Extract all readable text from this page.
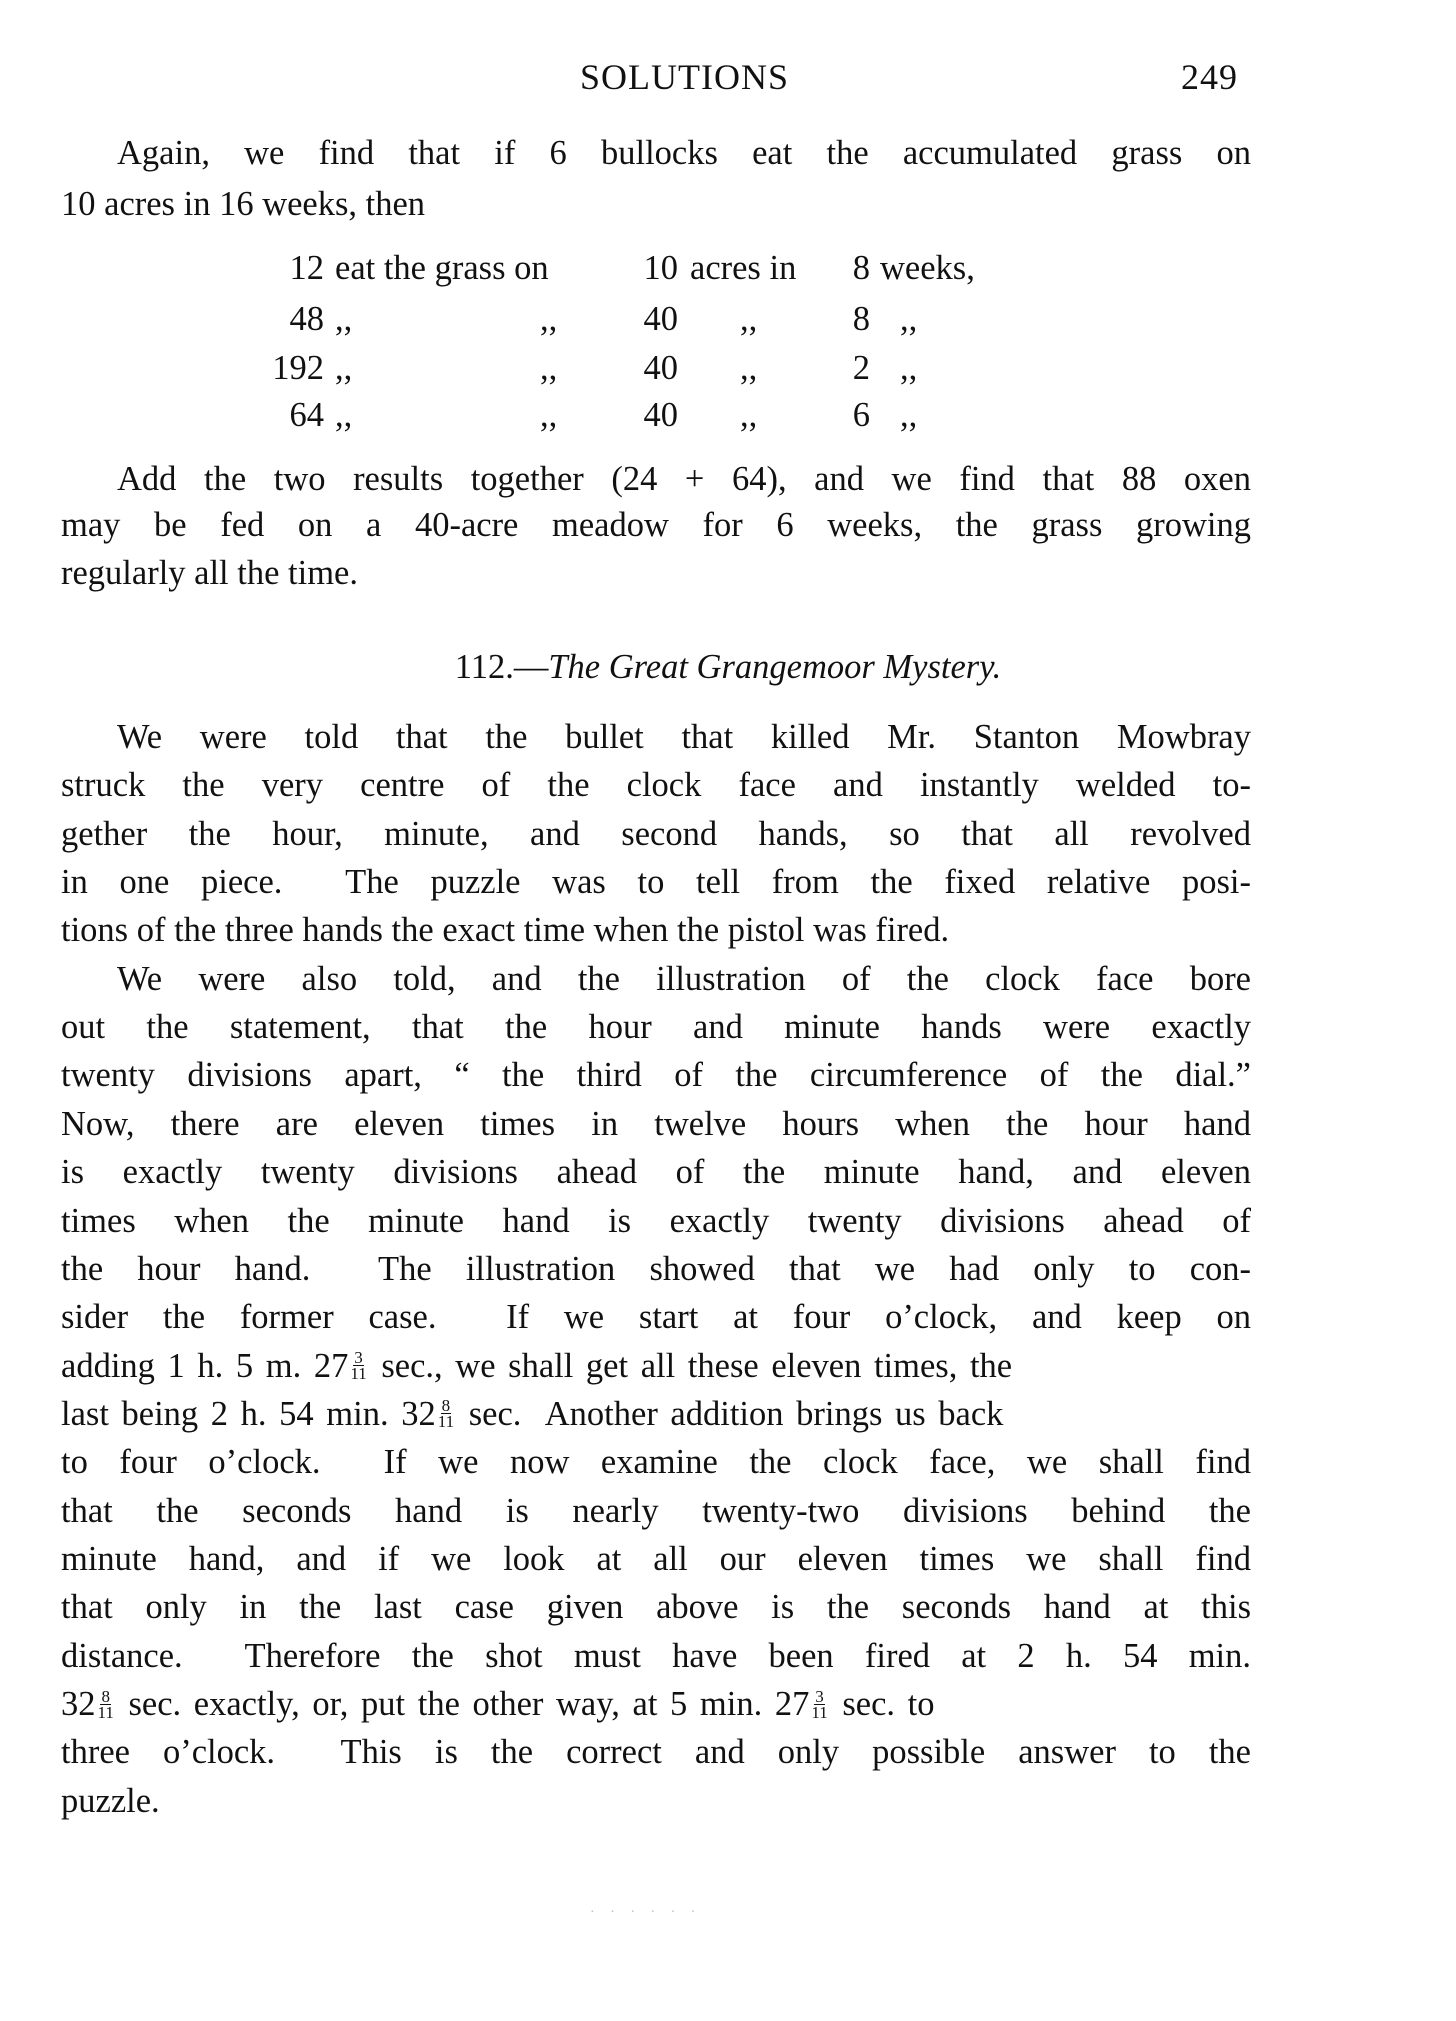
SOLUTIONS	249
Again, we find that if 6 bullocks eat the accumulated grass on
10 acres in 16 weeks, then
12 eat the grass on	10 acres in	8 weeks,
48 ,,	,,	40 ,,	8 ,,
192 ,,	,,	40 ,,	2 ,,
64 ,,	,,	40 ,,	6 ,,
Add the two results together (24 + 64), and we find that 88 oxen
may be fed on a 40-acre meadow for 6 weeks, the grass growing
regularly all the time.
112.—The Great Grangemoor Mystery.
We were told that the bullet that killed Mr. Stanton Mowbray
struck the very centre of the clock face and instantly welded to-
gether the hour, minute, and second hands, so that all revolved
in one piece.  The puzzle was to tell from the fixed relative posi-
tions of the three hands the exact time when the pistol was fired.
We were also told, and the illustration of the clock face bore
out the statement, that the hour and minute hands were exactly
twenty divisions apart, “ the third of the circumference of the dial.”
Now, there are eleven times in twelve hours when the hour hand
is exactly twenty divisions ahead of the minute hand, and eleven
times when the minute hand is exactly twenty divisions ahead of
the hour hand.  The illustration showed that we had only to con-
sider the former case.  If we start at four o’clock, and keep on
adding 1 h. 5 m. $27 \frac{3}{11} \sec$., we shall get all these eleven times, the
last being 2 h. 54 min. $32 \frac{8}{11} \sec$.  Another addition brings us back
to four o’clock.  If we now examine the clock face, we shall find
that the seconds hand is nearly twenty-two divisions behind the
minute hand, and if we look at all our eleven times we shall find
that only in the last case given above is the seconds hand at this
distance.  Therefore the shot must have been fired at 2 h. 54 min.
$32 \frac{8}{11} \sec$. exactly, or, put the other way, at 5 min. $27 \frac{3}{11} \sec$. to
three o’clock.  This is the correct and only possible answer to the
puzzle.
· · · · · ·
